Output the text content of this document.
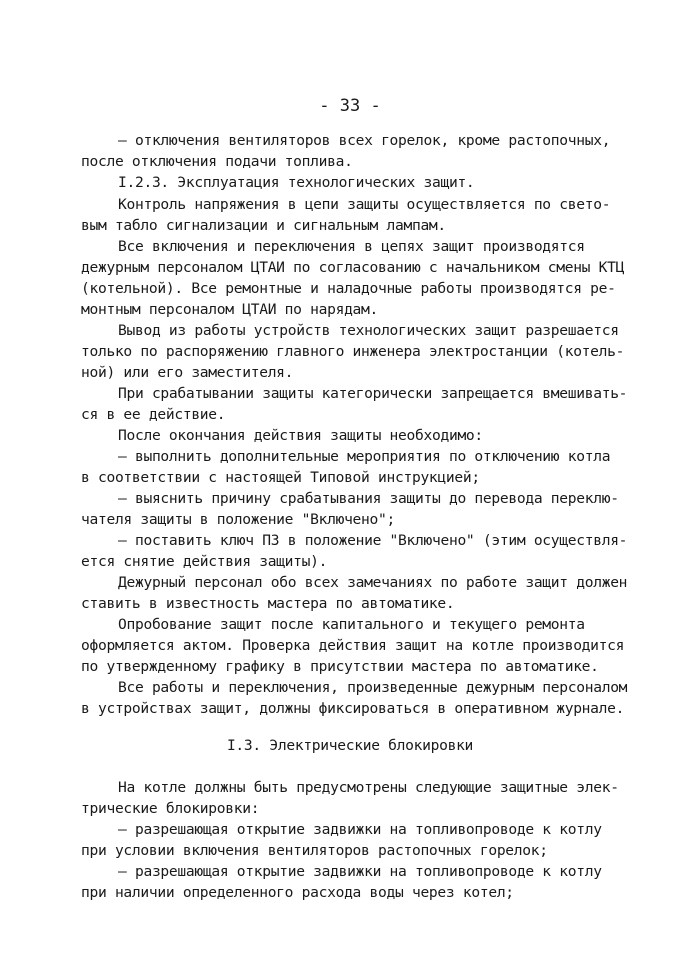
- 33 -
– отключения вентиляторов всех горелок, кроме растопочных,
после отключения подачи топлива.
I.2.3. Эксплуатация технологических защит.
Контроль напряжения в цепи защиты осуществляется по свето-
вым табло сигнализации и сигнальным лампам.
Все включения и переключения в цепях защит производятся
дежурным персоналом ЦТАИ по согласованию с начальником смены КТЦ
(котельной). Все ремонтные и наладочные работы производятся ре-
монтным персоналом ЦТАИ по нарядам.
Вывод из работы устройств технологических защит разрешается
только по распоряжению главного инженера электростанции (котель-
ной) или его заместителя.
При срабатывании защиты категорически запрещается вмешивать-
ся в ее действие.
После окончания действия защиты необходимо:
– выполнить дополнительные мероприятия по отключению котла
в соответствии с настоящей Типовой инструкцией;
– выяснить причину срабатывания защиты до перевода переклю-
чателя защиты в положение "Включено";
– поставить ключ ПЗ в положение "Включено" (этим осуществля-
ется снятие действия защиты).
Дежурный персонал обо всех замечаниях по работе защит должен
ставить в известность мастера по автоматике.
Опробование защит после капитального и текущего ремонта
оформляется актом. Проверка действия защит на котле производится
по утвержденному графику в присутствии мастера по автоматике.
Все работы и переключения, произведенные дежурным персоналом
в устройствах защит, должны фиксироваться в оперативном журнале.
I.3. Электрические блокировки
На котле должны быть предусмотрены следующие защитные элек-
трические блокировки:
– разрешающая открытие задвижки на топливопроводе к котлу
при условии включения вентиляторов растопочных горелок;
– разрешающая открытие задвижки на топливопроводе к котлу
при наличии определенного расхода воды через котел;
